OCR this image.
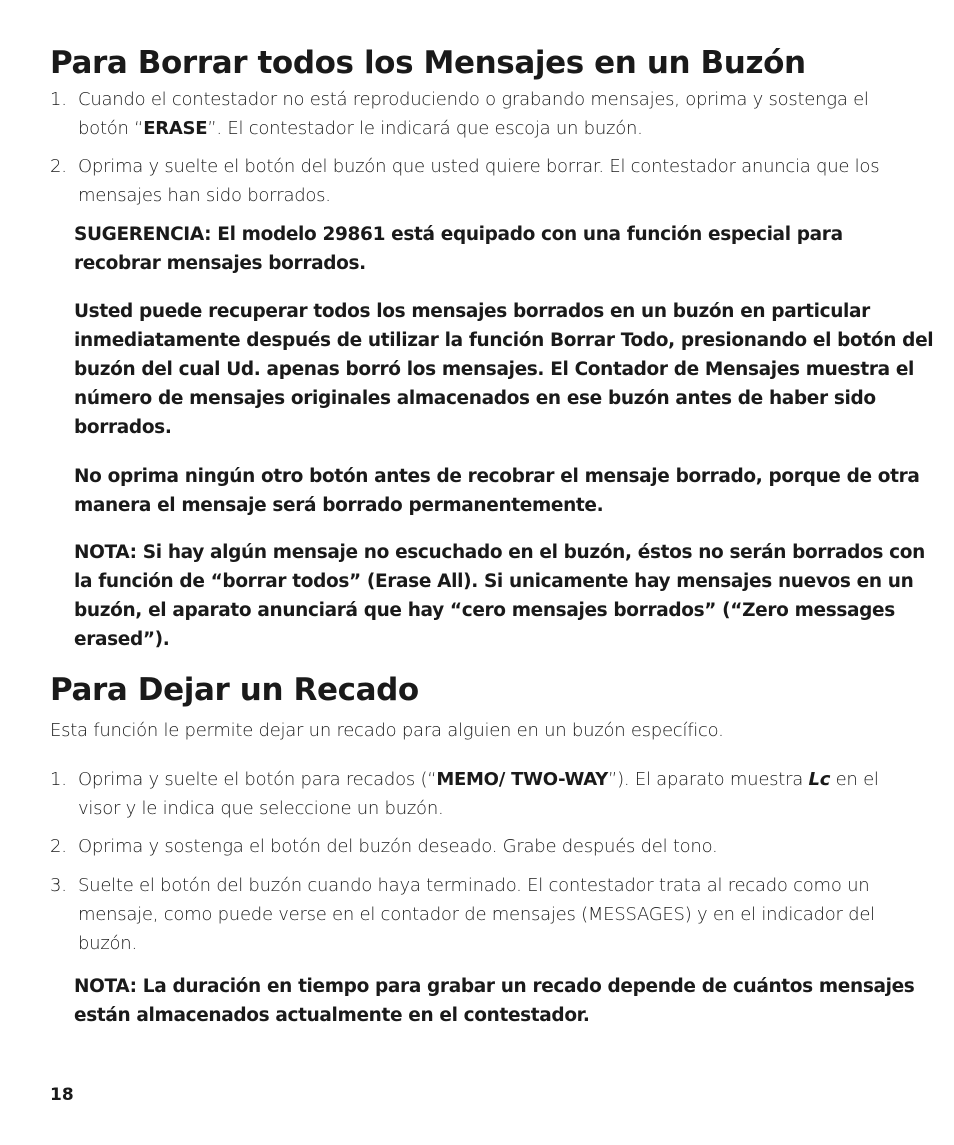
Para Borrar todos los Mensajes en un Buzón
1. Cuando el contestador no está reproduciendo o grabando mensajes, oprima y sostenga el botón “ERASE”. El contestador le indicará que escoja un buzón.
2. Oprima y suelte el botón del buzón que usted quiere borrar. El contestador anuncia que los mensajes han sido borrados.

SUGERENCIA: El modelo 29861 está equipado con una función especial para recobrar mensajes borrados.

Usted puede recuperar todos los mensajes borrados en un buzón en particular inmediatamente después de utilizar la función Borrar Todo, presionando el botón del buzón del cual Ud. apenas borró los mensajes. El Contador de Mensajes muestra el número de mensajes originales almacenados en ese buzón antes de haber sido borrados.

No oprima ningún otro botón antes de recobrar el mensaje borrado, porque de otra manera el mensaje será borrado permanentemente.

NOTA: Si hay algún mensaje no escuchado en el buzón, éstos no serán borrados con la función de “borrar todos” (Erase All). Si unicamente hay mensajes nuevos en un buzón, el aparato anunciará que hay “cero mensajes borrados” (“Zero messages erased”).

Para Dejar un Recado
Esta función le permite dejar un recado para alguien en un buzón específico.
1. Oprima y suelte el botón para recados (“MEMO/ TWO-WAY”). El aparato muestra Lc en el visor y le indica que seleccione un buzón.
2. Oprima y sostenga el botón del buzón deseado. Grabe después del tono.
3. Suelte el botón del buzón cuando haya terminado. El contestador trata al recado como un mensaje, como puede verse en el contador de mensajes (MESSAGES) y en el indicador del buzón.

NOTA: La duración en tiempo para grabar un recado depende de cuántos mensajes están almacenados actualmente en el contestador.

18
